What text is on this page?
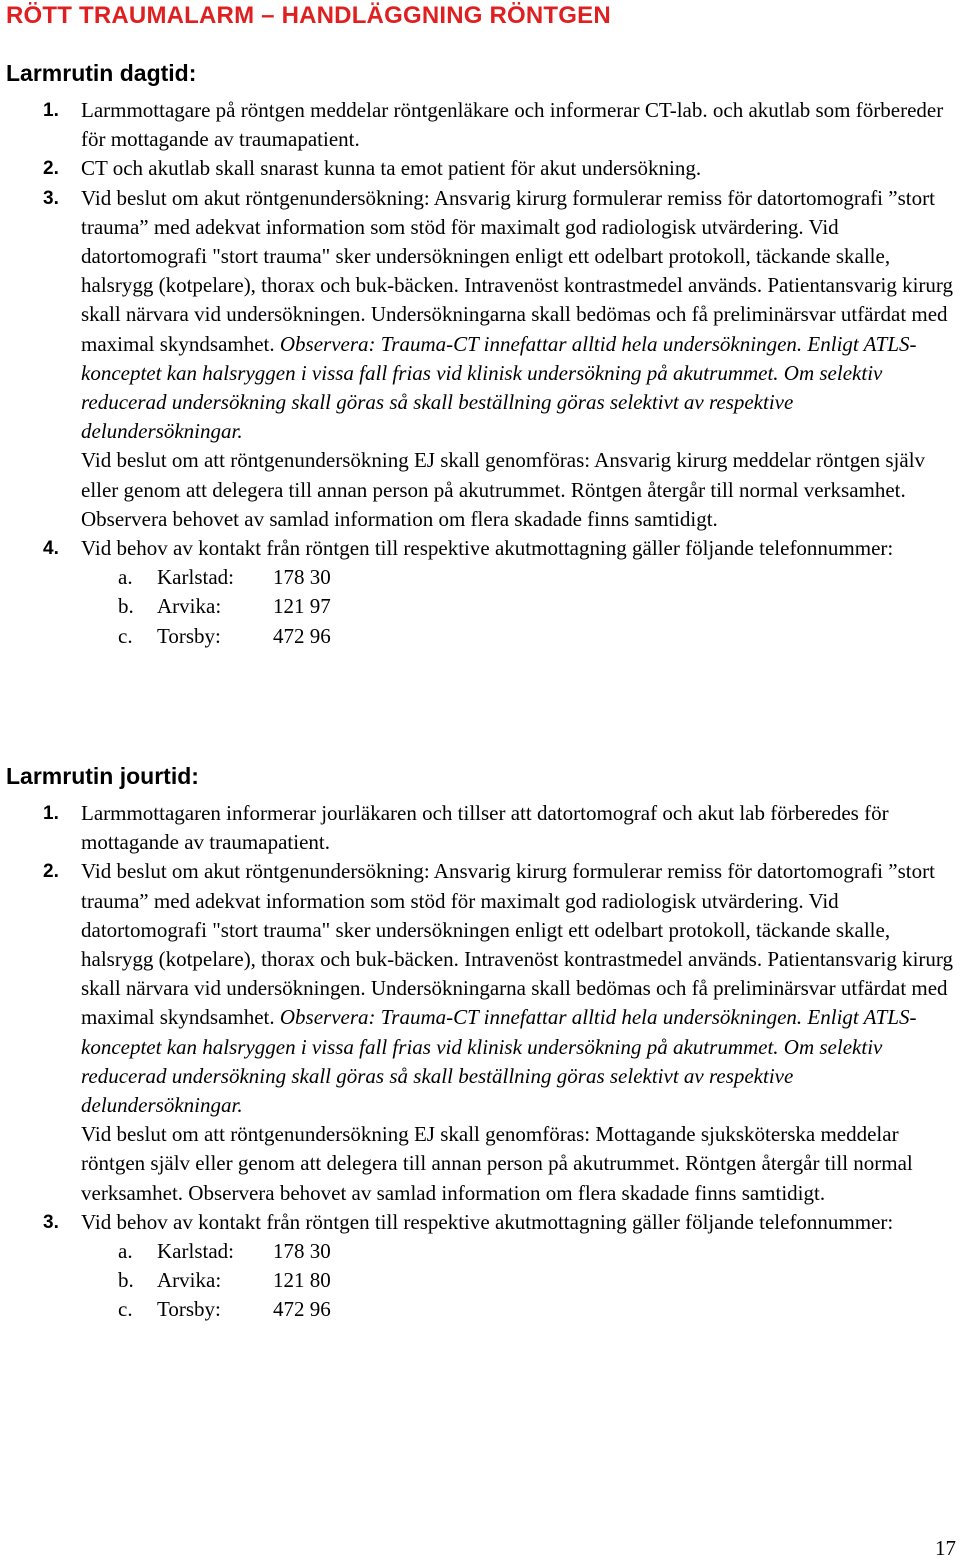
RÖTT TRAUMALARM – HANDLÄGGNING RÖNTGEN
Larmrutin dagtid:
1. Larmmottagare på röntgen meddelar röntgenläkare och informerar CT-lab. och akutlab som förbereder för mottagande av traumapatient.
2. CT och akutlab skall snarast kunna ta emot patient för akut undersökning.
3. Vid beslut om akut röntgenundersökning: Ansvarig kirurg formulerar remiss för datortomografi ”stort trauma” med adekvat information som stöd för maximalt god radiologisk utvärdering. Vid datortomografi "stort trauma" sker undersökningen enligt ett odelbart protokoll, täckande skalle, halsrygg (kotpelare), thorax och buk-bäcken. Intravenöst kontrastmedel används. Patientansvarig kirurg skall närvara vid undersökningen. Undersökningarna skall bedömas och få preliminärsvar utfärdat med maximal skyndsamhet. Observera: Trauma-CT innefattar alltid hela undersökningen. Enligt ATLS-konceptet kan halsryggen i vissa fall frias vid klinisk undersökning på akutrummet. Om selektiv reducerad undersökning skall göras så skall beställning göras selektivt av respektive delundersökningar.
Vid beslut om att röntgenundersökning EJ skall genomföras: Ansvarig kirurg meddelar röntgen själv eller genom att delegera till annan person på akutrummet. Röntgen återgår till normal verksamhet. Observera behovet av samlad information om flera skadade finns samtidigt.
4. Vid behov av kontakt från röntgen till respektive akutmottagning gäller följande telefonnummer:
a. Karlstad: 178 30
b. Arvika: 121 97
c. Torsby: 472 96
Larmrutin jourtid:
1. Larmmottagaren informerar jourläkaren och tillser att datortomograf och akut lab förberedes för mottagande av traumapatient.
2. Vid beslut om akut röntgenundersökning: Ansvarig kirurg formulerar remiss för datortomografi ”stort trauma” med adekvat information som stöd för maximalt god radiologisk utvärdering. Vid datortomografi "stort trauma" sker undersökningen enligt ett odelbart protokoll, täckande skalle, halsrygg (kotpelare), thorax och buk-bäcken. Intravenöst kontrastmedel används. Patientansvarig kirurg skall närvara vid undersökningen. Undersökningarna skall bedömas och få preliminärsvar utfärdat med maximal skyndsamhet. Observera: Trauma-CT innefattar alltid hela undersökningen. Enligt ATLS-konceptet kan halsryggen i vissa fall frias vid klinisk undersökning på akutrummet. Om selektiv reducerad undersökning skall göras så skall beställning göras selektivt av respektive delundersökningar.
Vid beslut om att röntgenundersökning EJ skall genomföras: Mottagande sjuksköterska meddelar röntgen själv eller genom att delegera till annan person på akutrummet. Röntgen återgår till normal verksamhet. Observera behovet av samlad information om flera skadade finns samtidigt.
3. Vid behov av kontakt från röntgen till respektive akutmottagning gäller följande telefonnummer:
a. Karlstad: 178 30
b. Arvika: 121 80
c. Torsby: 472 96
17
